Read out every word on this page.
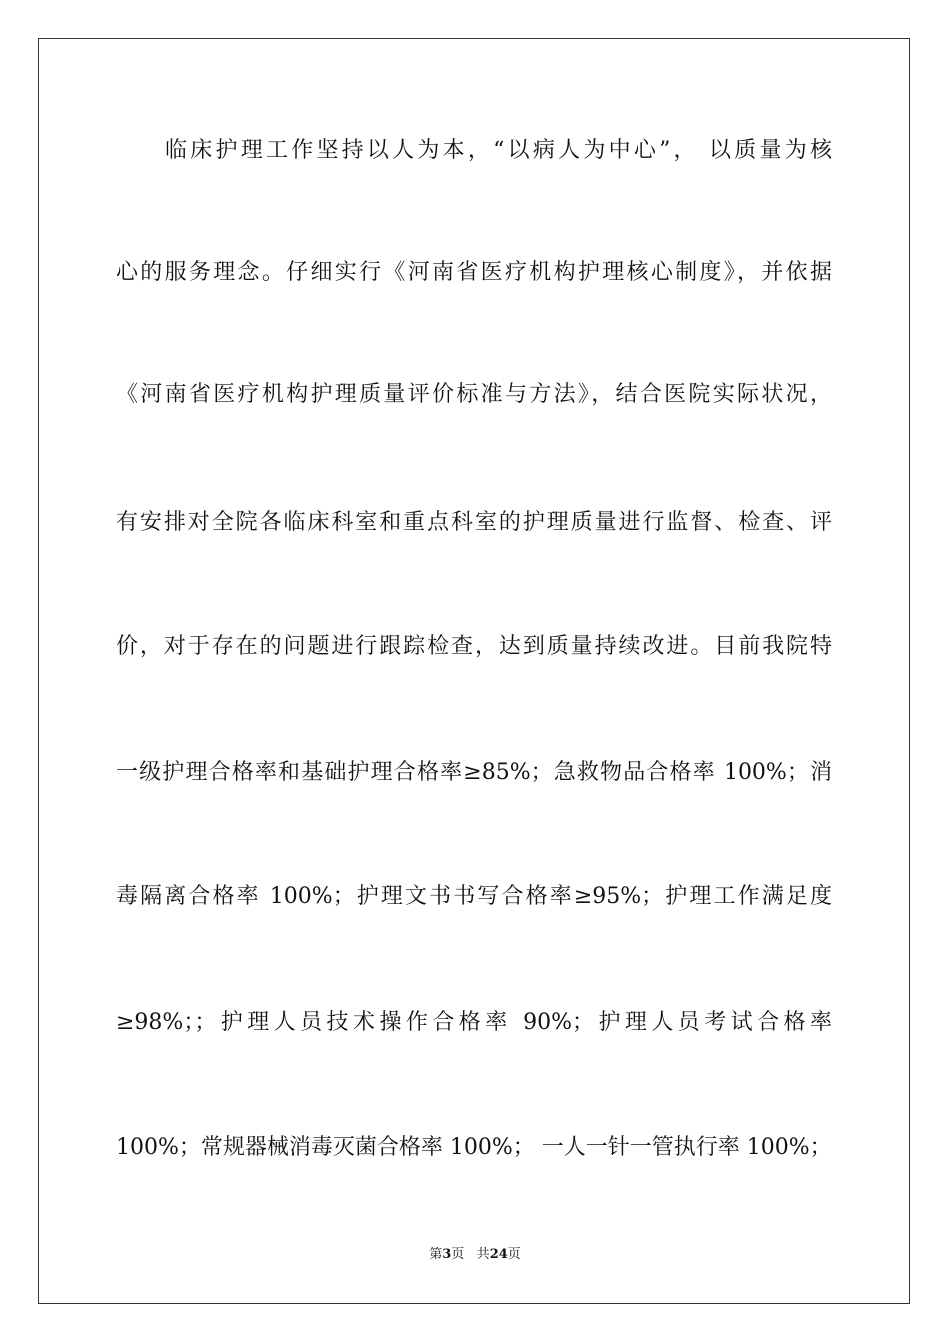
临床护理工作坚持以人为本，“以病人为中心”， 以质量为核
心的服务理念。仔细实行《河南省医疗机构护理核心制度》，并依据
《河南省医疗机构护理质量评价标准与方法》，结合医院实际状况，
有安排对全院各临床科室和重点科室的护理质量进行监督、检查、评
价，对于存在的问题进行跟踪检查，达到质量持续改进。目前我院特
一级护理合格率和基础护理合格率≥85%；急救物品合格率 100%；消
毒隔离合格率 100%；护理文书书写合格率≥95%；护理工作满足度
≥98%；；护理人员技术操作合格率 90%；护理人员考试合格率
100%；常规器械消毒灭菌合格率 100%； 一人一针一管执行率 100%；
第3页 共24页
